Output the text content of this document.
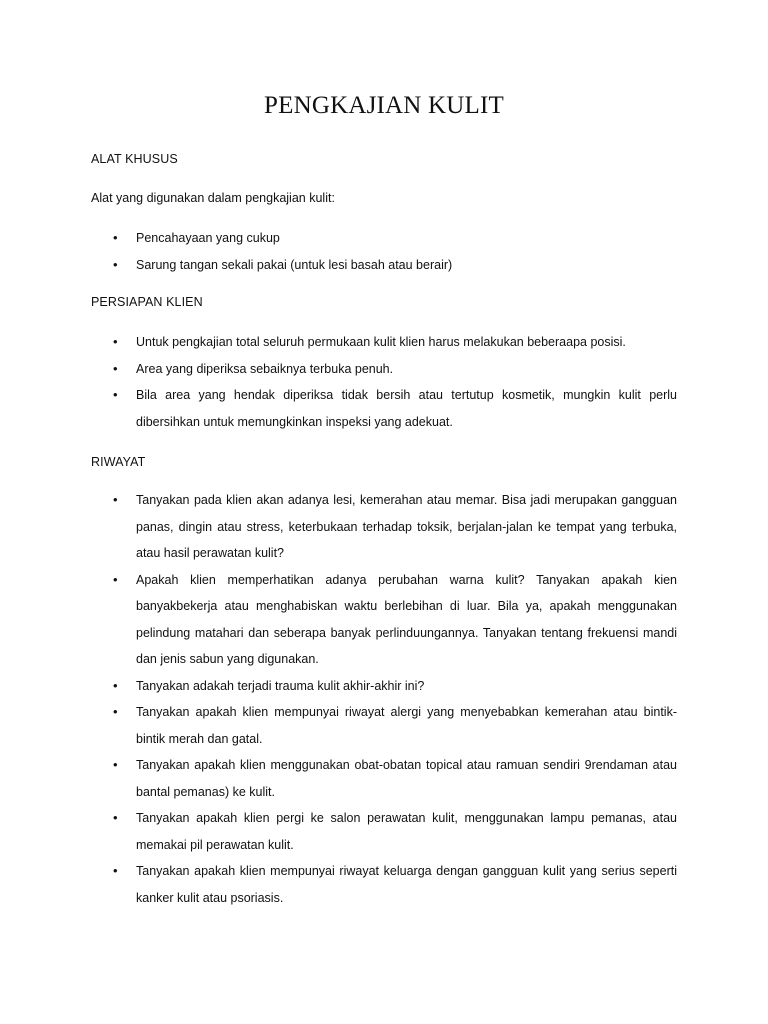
PENGKAJIAN KULIT
ALAT KHUSUS
Alat yang digunakan dalam pengkajian kulit:
• Pencahayaan yang cukup
• Sarung tangan sekali pakai (untuk lesi basah atau berair)
PERSIAPAN KLIEN
• Untuk pengkajian total seluruh permukaan kulit klien harus melakukan beberaapa posisi.
• Area yang diperiksa sebaiknya terbuka penuh.
• Bila area yang hendak diperiksa tidak bersih atau tertutup kosmetik, mungkin kulit perlu dibersihkan untuk memungkinkan inspeksi yang adekuat.
RIWAYAT
• Tanyakan pada klien akan adanya lesi, kemerahan atau memar. Bisa jadi merupakan gangguan panas, dingin atau stress, keterbukaan terhadap toksik, berjalan-jalan ke tempat yang terbuka, atau hasil perawatan kulit?
• Apakah klien memperhatikan adanya perubahan warna kulit? Tanyakan apakah kien banyakbekerja atau menghabiskan waktu berlebihan di luar. Bila ya, apakah menggunakan pelindung matahari dan seberapa banyak perlinduungannya. Tanyakan tentang frekuensi mandi dan jenis sabun yang digunakan.
• Tanyakan adakah terjadi trauma kulit akhir-akhir ini?
• Tanyakan apakah klien mempunyai riwayat alergi yang menyebabkan kemerahan atau bintik-bintik merah dan gatal.
• Tanyakan apakah klien menggunakan obat-obatan topical atau ramuan sendiri 9rendaman atau bantal pemanas) ke kulit.
• Tanyakan apakah klien pergi ke salon perawatan kulit, menggunakan lampu pemanas, atau memakai pil perawatan kulit.
• Tanyakan apakah klien mempunyai riwayat keluarga dengan gangguan kulit yang serius seperti kanker kulit atau psoriasis.
